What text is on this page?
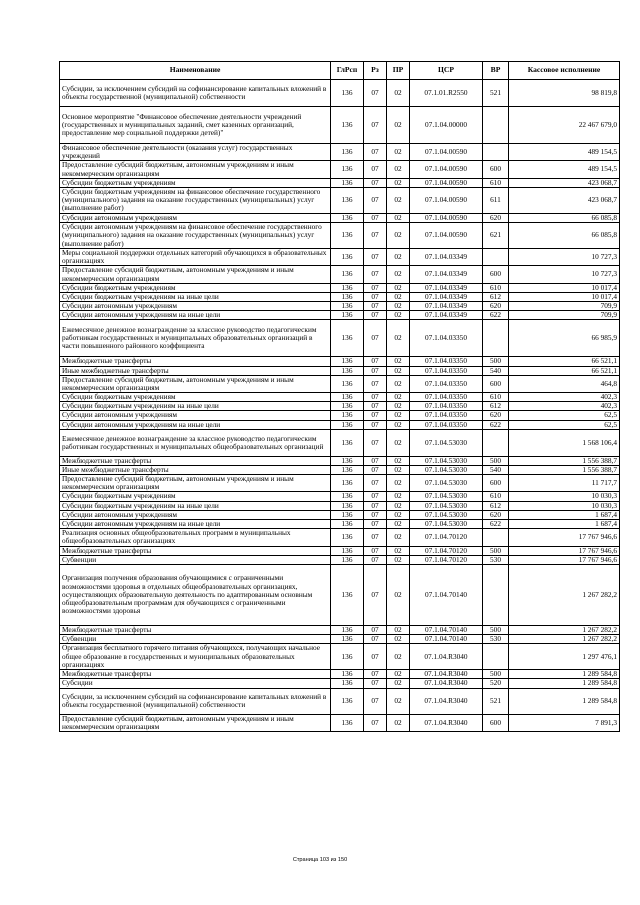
Наименование	ГлРсп	Рз	ПР	ЦСР	ВР	Кассовое исполнение
Субсидии, за исключением субсидий на софинансирование капитальных вложений в объекты государственной (муниципальной) собственности	136	07	02	07.1.01.R2550	521	98 819,8
Основное мероприятие "Финансовое обеспечение деятельности учреждений (государственных и муниципальных заданий, смет казенных организаций, предоставление мер социальной поддержки детей)"	136	07	02	07.1.04.00000		22 467 679,0
Финансовое обеспечение деятельности (оказания услуг) государственных учреждений	136	07	02	07.1.04.00590		489 154,5
Предоставление субсидий бюджетным, автономным учреждениям и иным некоммерческим организациям	136	07	02	07.1.04.00590	600	489 154,5
Субсидии бюджетным учреждениям	136	07	02	07.1.04.00590	610	423 068,7
Субсидии бюджетным учреждениям на финансовое обеспечение государственного (муниципального) задания на оказание государственных (муниципальных) услуг (выполнение работ)	136	07	02	07.1.04.00590	611	423 068,7
Субсидии автономным учреждениям	136	07	02	07.1.04.00590	620	66 085,8
Субсидии автономным учреждениям на финансовое обеспечение государственного (муниципального) задания на оказание государственных (муниципальных) услуг (выполнение работ)	136	07	02	07.1.04.00590	621	66 085,8
Меры социальной поддержки отдельных категорий обучающихся в образовательных организациях	136	07	02	07.1.04.03349		10 727,3
Предоставление субсидий бюджетным, автономным учреждениям и иным некоммерческим организациям	136	07	02	07.1.04.03349	600	10 727,3
Субсидии бюджетным учреждениям	136	07	02	07.1.04.03349	610	10 017,4
Субсидии бюджетным учреждениям на иные цели	136	07	02	07.1.04.03349	612	10 017,4
Субсидии автономным учреждениям	136	07	02	07.1.04.03349	620	709,9
Субсидии автономным учреждениям на иные цели	136	07	02	07.1.04.03349	622	709,9
Ежемесячное денежное вознаграждение за классное руководство педагогическим работникам государственных и муниципальных образовательных организаций в части повышенного районного коэффициента	136	07	02	07.1.04.03350		66 985,9
Межбюджетные трансферты	136	07	02	07.1.04.03350	500	66 521,1
Иные межбюджетные трансферты	136	07	02	07.1.04.03350	540	66 521,1
Предоставление субсидий бюджетным, автономным учреждениям и иным некоммерческим организациям	136	07	02	07.1.04.03350	600	464,8
Субсидии бюджетным учреждениям	136	07	02	07.1.04.03350	610	402,3
Субсидии бюджетным учреждениям на иные цели	136	07	02	07.1.04.03350	612	402,3
Субсидии автономным учреждениям	136	07	02	07.1.04.03350	620	62,5
Субсидии автономным учреждениям на иные цели	136	07	02	07.1.04.03350	622	62,5
Ежемесячное денежное вознаграждение за классное руководство педагогическим работникам государственных и муниципальных общеобразовательных организаций	136	07	02	07.1.04.53030		1 568 106,4
Межбюджетные трансферты	136	07	02	07.1.04.53030	500	1 556 388,7
Иные межбюджетные трансферты	136	07	02	07.1.04.53030	540	1 556 388,7
Предоставление субсидий бюджетным, автономным учреждениям и иным некоммерческим организациям	136	07	02	07.1.04.53030	600	11 717,7
Субсидии бюджетным учреждениям	136	07	02	07.1.04.53030	610	10 030,3
Субсидии бюджетным учреждениям на иные цели	136	07	02	07.1.04.53030	612	10 030,3
Субсидии автономным учреждениям	136	07	02	07.1.04.53030	620	1 687,4
Субсидии автономным учреждениям на иные цели	136	07	02	07.1.04.53030	622	1 687,4
Реализация основных общеобразовательных программ в муниципальных общеобразовательных организациях	136	07	02	07.1.04.70120		17 767 946,6
Межбюджетные трансферты	136	07	02	07.1.04.70120	500	17 767 946,6
Субвенции	136	07	02	07.1.04.70120	530	17 767 946,6
Организация получения образования обучающимися с ограниченными возможностями здоровья в отдельных общеобразовательных организациях, осуществляющих образовательную деятельность по адаптированным основным общеобразовательным программам для обучающихся с ограниченными возможностями здоровья	136	07	02	07.1.04.70140		1 267 282,2
Межбюджетные трансферты	136	07	02	07.1.04.70140	500	1 267 282,2
Субвенции	136	07	02	07.1.04.70140	530	1 267 282,2
Организация бесплатного горячего питания обучающихся, получающих начальное общее образование в государственных и муниципальных образовательных организациях	136	07	02	07.1.04.R3040		1 297 476,1
Межбюджетные трансферты	136	07	02	07.1.04.R3040	500	1 289 584,8
Субсидии	136	07	02	07.1.04.R3040	520	1 289 584,8
Субсидии, за исключением субсидий на софинансирование капитальных вложений в объекты государственной (муниципальной) собственности	136	07	02	07.1.04.R3040	521	1 289 584,8
Предоставление субсидий бюджетным, автономным учреждениям и иным некоммерческим организациям	136	07	02	07.1.04.R3040	600	7 891,3
Страница 103 из 150
